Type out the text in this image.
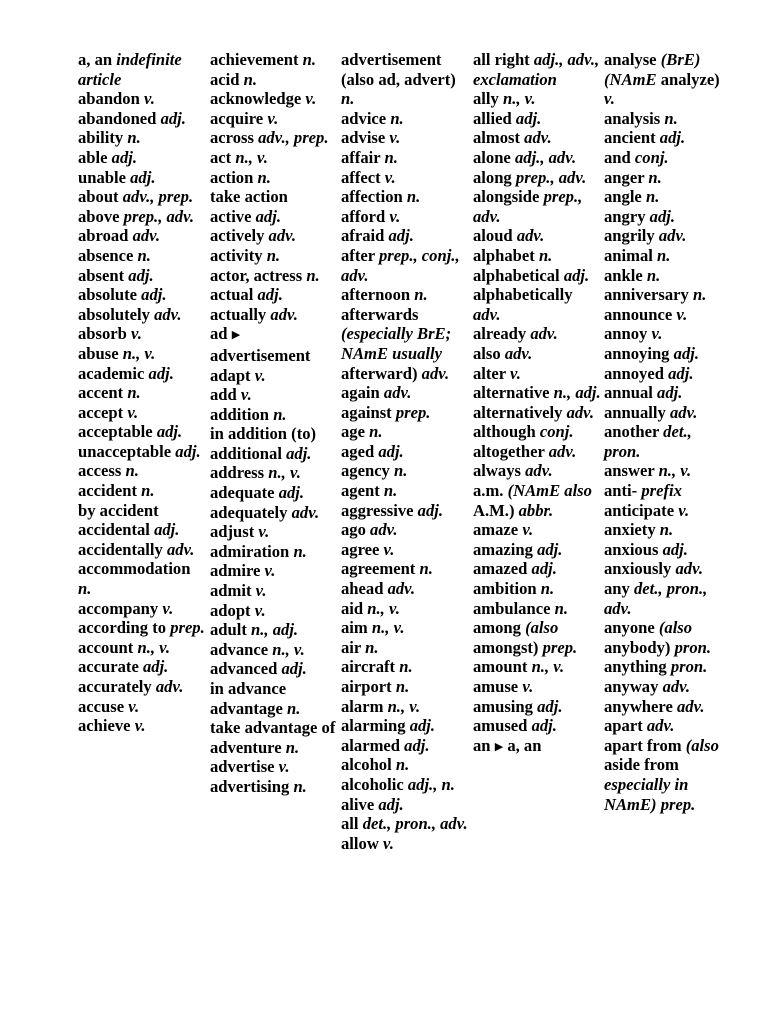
a, an indefinite article
abandon v.
abandoned adj.
ability n.
able adj.
unable adj.
about adv., prep.
above prep., adv.
abroad adv.
absence n.
absent adj.
absolute adj.
absolutely adv.
absorb v.
abuse n., v.
academic adj.
accent n.
accept v.
acceptable adj.
unacceptable adj.
access n.
accident n.
by accident
accidental adj.
accidentally adv.
accommodation n.
accompany v.
according to prep.
account n., v.
accurate adj.
accurately adv.
accuse v.
achieve v.
achievement n.
acid n.
acknowledge v.
acquire v.
across adv., prep.
act n., v.
action n.
take action
active adj.
actively adv.
activity n.
actor, actress n.
actual adj.
actually adv.
ad ▶ advertisement
adapt v.
add v.
addition n.
in addition (to)
additional adj.
address n., v.
adequate adj.
adequately adv.
adjust v.
admiration n.
admire v.
admit v.
adopt v.
adult n., adj.
advance n., v.
advanced adj.
in advance
advantage n.
take advantage of
adventure n.
advertise v.
advertising n.
advertisement (also ad, advert) n.
advice n.
advise v.
affair n.
affect v.
affection n.
afford v.
afraid adj.
after prep., conj., adv.
afternoon n.
afterwards (especially BrE; NAmE usually afterward) adv.
again adv.
against prep.
age n.
aged adj.
agency n.
agent n.
aggressive adj.
ago adv.
agree v.
agreement n.
ahead adv.
aid n., v.
aim n., v.
air n.
aircraft n.
airport n.
alarm n., v.
alarming adj.
alarmed adj.
alcohol n.
alcoholic adj., n.
alive adj.
all det., pron., adv.
allow v.
all right adj., adv., exclamation
ally n., v.
allied adj.
almost adv.
alone adj., adv.
along prep., adv.
alongside prep., adv.
aloud adv.
alphabet n.
alphabetical adj.
alphabetically adv.
already adv.
also adv.
alter v.
alternative n., adj.
alternatively adv.
although conj.
altogether adv.
always adv.
a.m. (NAmE also A.M.) abbr.
amaze v.
amazing adj.
amazed adj.
ambition n.
ambulance n.
among (also amongst) prep.
amount n., v.
amuse v.
amusing adj.
amused adj.
an ▶ a, an
analyse (BrE) (NAmE analyze) v.
analysis n.
ancient adj.
and conj.
anger n.
angle n.
angry adj.
angrily adv.
animal n.
ankle n.
anniversary n.
announce v.
annoy v.
annoying adj.
annoyed adj.
annual adj.
annually adv.
another det., pron.
answer n., v.
anti- prefix
anticipate v.
anxiety n.
anxious adj.
anxiously adv.
any det., pron., adv.
anyone (also anybody) pron.
anything pron.
anyway adv.
anywhere adv.
apart adv.
apart from (also aside from especially in NAmE) prep.
